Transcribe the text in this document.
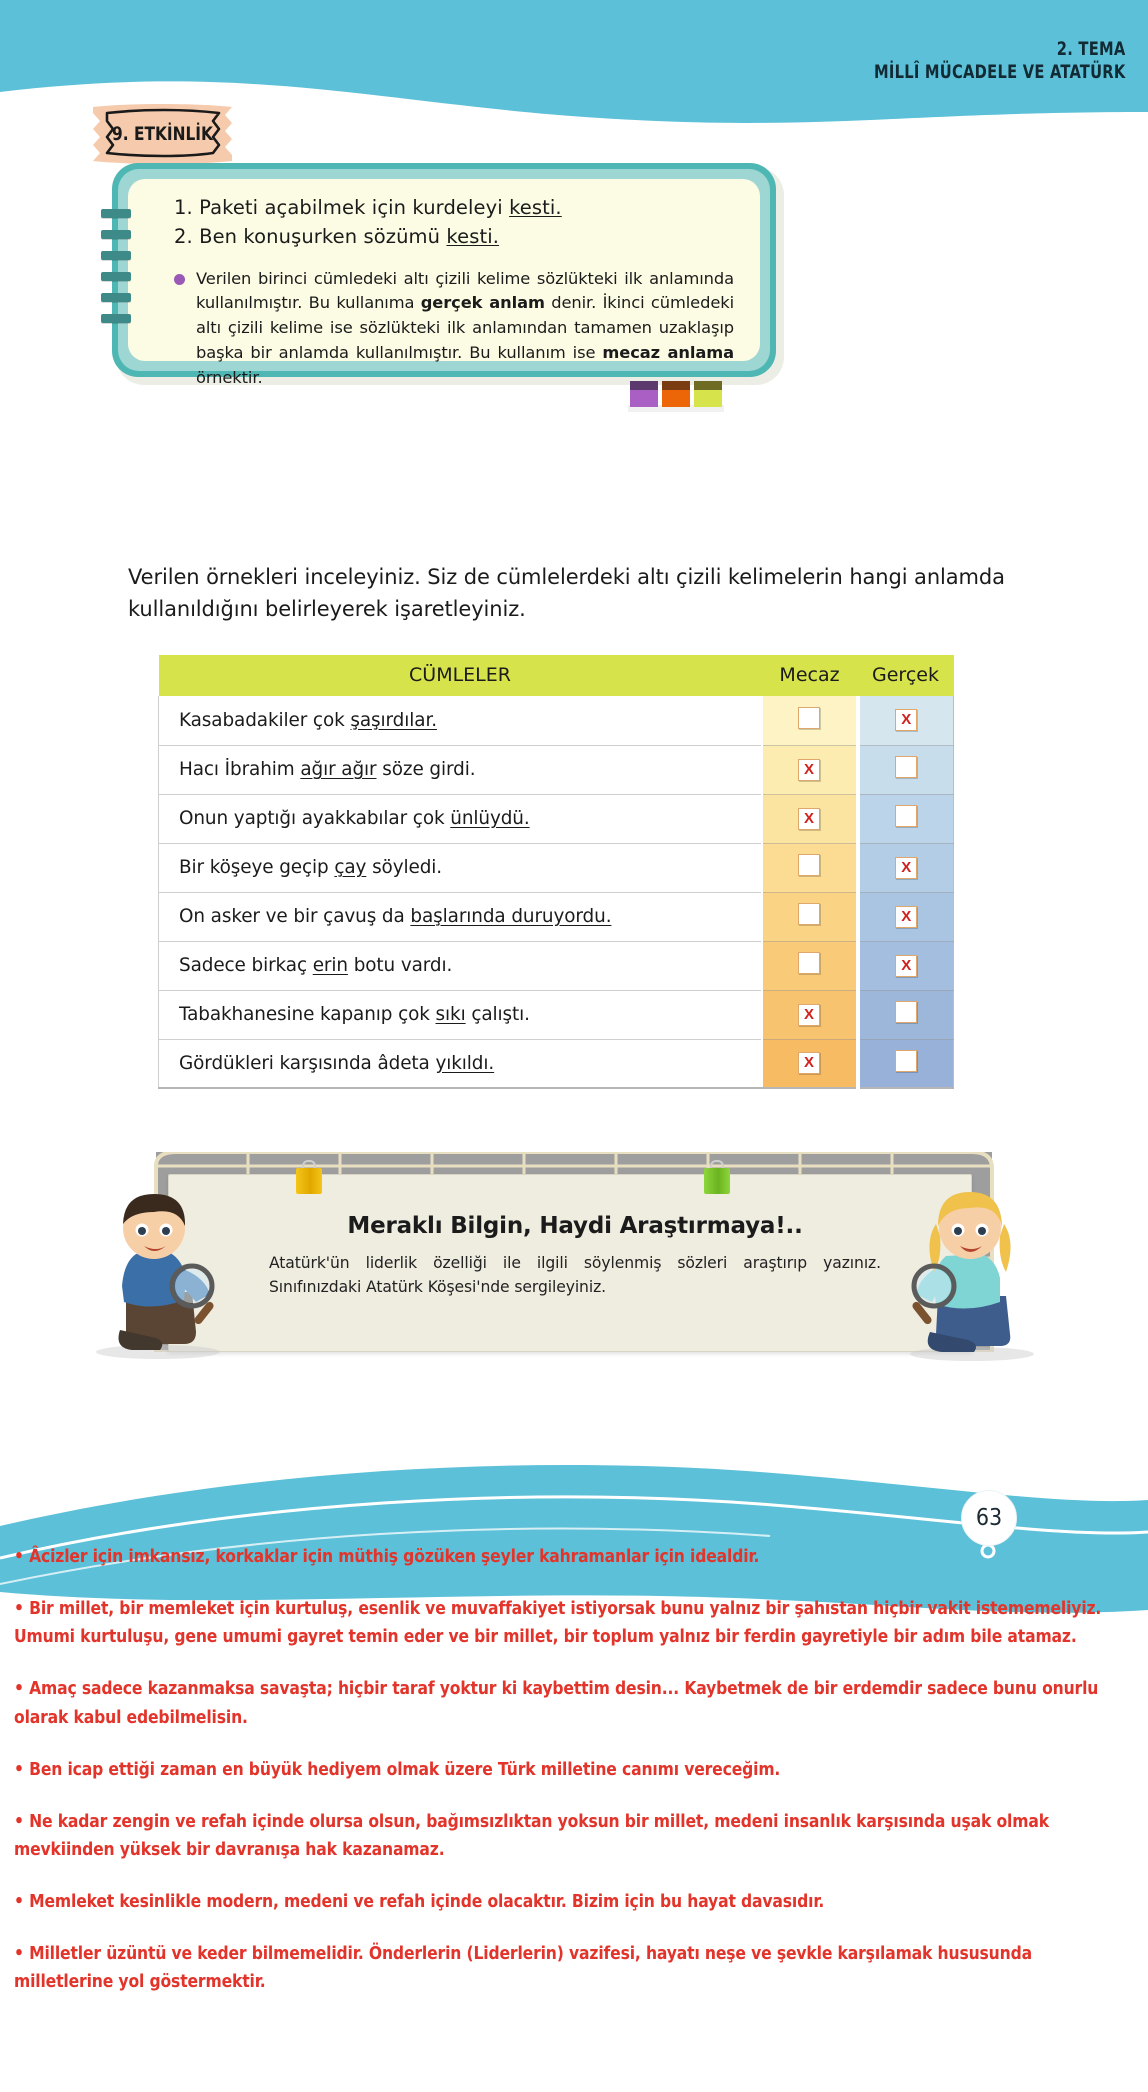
2. TEMA
MİLLÎ MÜCADELE VE ATATÜRK
9. ETKİNLİK
1. Paketi açabilmek için kurdeleyi kesti.
2. Ben konuşurken sözümü kesti.
Verilen birinci cümledeki altı çizili kelime sözlükteki ilk anlamında kullanılmıştır. Bu kullanıma gerçek anlam denir. İkinci cümledeki altı çizili kelime ise sözlükteki ilk anlamından tamamen uzaklaşıp başka bir anlamda kullanılmıştır. Bu kullanım ise mecaz anlama örnektir.
Verilen örnekleri inceleyiniz. Siz de cümlelerdeki altı çizili kelimelerin hangi anlamda kullanıldığını belirleyerek işaretleyiniz.
CÜMLELER	Mecaz	Gerçek
Kasabadakiler çok şaşırdılar.		X
Hacı İbrahim ağır ağır söze girdi.	X	
Onun yaptığı ayakkabılar çok ünlüydü.	X	
Bir köşeye geçip çay söyledi.		X
On asker ve bir çavuş da başlarında duruyordu.		X
Sadece birkaç erin botu vardı.		X
Tabakhanesine kapanıp çok sıkı çalıştı.	X	
Gördükleri karşısında âdeta yıkıldı.	X	
Meraklı Bilgin, Haydi Araştırmaya!..
Atatürk'ün liderlik özelliği ile ilgili söylenmiş sözleri araştırıp yazınız. Sınıfınızdaki Atatürk Köşesi'nde sergileyiniz.
63
• Âcizler için imkansız, korkaklar için müthiş gözüken şeyler kahramanlar için idealdir.
• Bir millet, bir memleket için kurtuluş, esenlik ve muvaffakiyet istiyorsak bunu yalnız bir şahıstan hiçbir vakit istememeliyiz. Umumi kurtuluşu, gene umumi gayret temin eder ve bir millet, bir toplum yalnız bir ferdin gayretiyle bir adım bile atamaz.
• Amaç sadece kazanmaksa savaşta; hiçbir taraf yoktur ki kaybettim desin... Kaybetmek de bir erdemdir sadece bunu onurlu olarak kabul edebilmelisin.
• Ben icap ettiği zaman en büyük hediyem olmak üzere Türk milletine canımı vereceğim.
• Ne kadar zengin ve refah içinde olursa olsun, bağımsızlıktan yoksun bir millet, medeni insanlık karşısında uşak olmak mevkiinden yüksek bir davranışa hak kazanamaz.
• Memleket kesinlikle modern, medeni ve refah içinde olacaktır. Bizim için bu hayat davasıdır.
• Milletler üzüntü ve keder bilmemelidir. Önderlerin (Liderlerin) vazifesi, hayatı neşe ve şevkle karşılamak hususunda milletlerine yol göstermektir.
